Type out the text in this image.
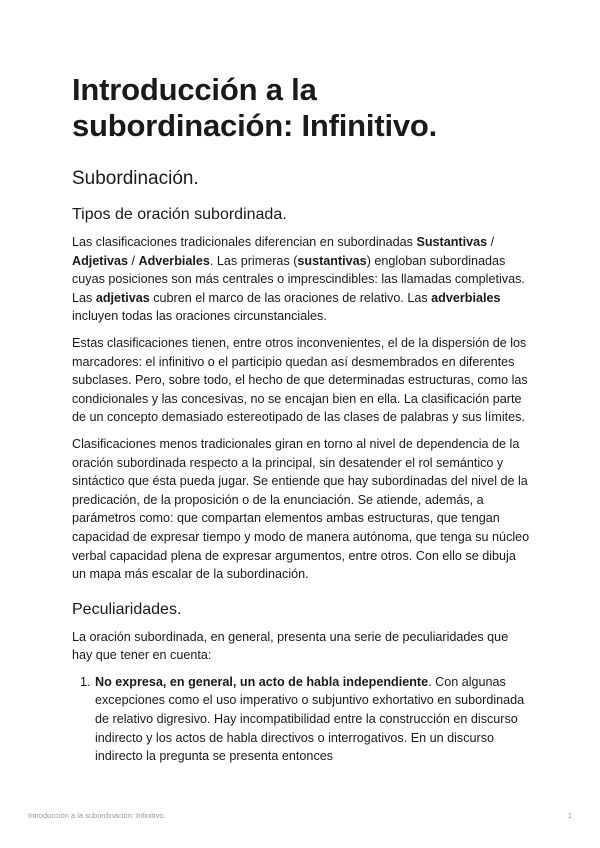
Introducción a la
subordinación: Infinitivo.
Subordinación.
Tipos de oración subordinada.

Las clasificaciones tradicionales diferencian en subordinadas Sustantivas / Adjetivas / Adverbiales. Las primeras (sustantivas) engloban subordinadas cuyas posiciones son más centrales o imprescindibles: las llamadas completivas. Las adjetivas cubren el marco de las oraciones de relativo. Las adverbiales incluyen todas las oraciones circunstanciales.

Estas clasificaciones tienen, entre otros inconvenientes, el de la dispersión de los marcadores: el infinitivo o el participio quedan así desmembrados en diferentes subclases. Pero, sobre todo, el hecho de que determinadas estructuras, como las condicionales y las concesivas, no se encajan bien en ella. La clasificación parte de un concepto demasiado estereotipado de las clases de palabras y sus límites.

Clasificaciones menos tradicionales giran en torno al nivel de dependencia de la oración subordinada respecto a la principal, sin desatender el rol semántico y sintáctico que ésta pueda jugar. Se entiende que hay subordinadas del nivel de la predicación, de la proposición o de la enunciación. Se atiende, además, a parámetros como: que compartan elementos ambas estructuras, que tengan capacidad de expresar tiempo y modo de manera autónoma, que tenga su núcleo verbal capacidad plena de expresar argumentos, entre otros. Con ello se dibuja un mapa más escalar de la subordinación.

Peculiaridades.

La oración subordinada, en general, presenta una serie de peculiaridades que hay que tener en cuenta:

1. No expresa, en general, un acto de habla independiente. Con algunas excepciones como el uso imperativo o subjuntivo exhortativo en subordinada de relativo digresivo. Hay incompatibilidad entre la construcción en discurso indirecto y los actos de habla directivos o interrogativos. En un discurso indirecto la pregunta se presenta entonces
Introducción a la subordinación: Infinitivo.	1
